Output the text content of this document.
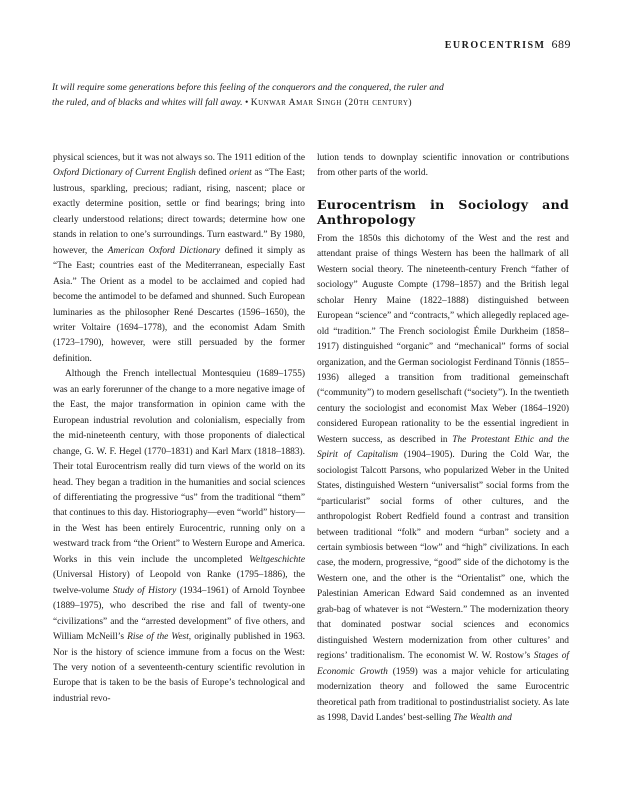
EUROCENTRISM 689
It will require some generations before this feeling of the conquerors and the conquered, the ruler and the ruled, and of blacks and whites will fall away. • Kunwar Amar Singh (20th century)

physical sciences, but it was not always so. The 1911 edition of the Oxford Dictionary of Current English defined orient as “The East; lustrous, sparkling, precious; radiant, rising, nascent; place or exactly determine position, settle or find bearings; bring into clearly understood relations; direct towards; determine how one stands in relation to one’s surroundings. Turn eastward.” By 1980, however, the American Oxford Dictionary defined it simply as “The East; countries east of the Mediterranean, especially East Asia.” The Orient as a model to be acclaimed and copied had become the antimodel to be defamed and shunned. Such European luminaries as the philosopher René Descartes (1596–1650), the writer Voltaire (1694–1778), and the economist Adam Smith (1723–1790), however, were still persuaded by the former definition.

Although the French intellectual Montesquieu (1689–1755) was an early forerunner of the change to a more negative image of the East, the major transformation in opinion came with the European industrial revolution and colonialism, especially from the mid-nineteenth century, with those proponents of dialectical change, G. W. F. Hegel (1770–1831) and Karl Marx (1818–1883). Their total Eurocentrism really did turn views of the world on its head. They began a tradition in the humanities and social sciences of differentiating the progressive “us” from the traditional “them” that continues to this day. Historiography—even “world” history—in the West has been entirely Eurocentric, running only on a westward track from “the Orient” to Western Europe and America. Works in this vein include the uncompleted Weltgeschichte (Universal History) of Leopold von Ranke (1795–1886), the twelve-volume Study of History (1934–1961) of Arnold Toynbee (1889–1975), who described the rise and fall of twenty-one “civilizations” and the “arrested development” of five others, and William McNeill’s Rise of the West, originally published in 1963. Nor is the history of science immune from a focus on the West: The very notion of a seventeenth-century scientific revolution in Europe that is taken to be the basis of Europe’s technological and industrial revo-

lution tends to downplay scientific innovation or contributions from other parts of the world.

Eurocentrism in Sociology and Anthropology

From the 1850s this dichotomy of the West and the rest and attendant praise of things Western has been the hallmark of all Western social theory. The nineteenth-century French “father of sociology” Auguste Compte (1798–1857) and the British legal scholar Henry Maine (1822–1888) distinguished between European “science” and “contracts,” which allegedly replaced age-old “tradition.” The French sociologist Émile Durkheim (1858–1917) distinguished “organic” and “mechanical” forms of social organization, and the German sociologist Ferdinand Tönnis (1855–1936) alleged a transition from traditional gemeinschaft (“community”) to modern gesellschaft (“society”). In the twentieth century the sociologist and economist Max Weber (1864–1920) considered European rationality to be the essential ingredient in Western success, as described in The Protestant Ethic and the Spirit of Capitalism (1904–1905). During the Cold War, the sociologist Talcott Parsons, who popularized Weber in the United States, distinguished Western “universalist” social forms from the “particularist” social forms of other cultures, and the anthropologist Robert Redfield found a contrast and transition between traditional “folk” and modern “urban” society and a certain symbiosis between “low” and “high” civilizations. In each case, the modern, progressive, “good” side of the dichotomy is the Western one, and the other is the “Orientalist” one, which the Palestinian American Edward Said condemned as an invented grab-bag of whatever is not “Western.” The modernization theory that dominated postwar social sciences and economics distinguished Western modernization from other cultures’ and regions’ traditionalism. The economist W. W. Rostow’s Stages of Economic Growth (1959) was a major vehicle for articulating modernization theory and followed the same Eurocentric theoretical path from traditional to postindustrialist society. As late as 1998, David Landes’ best-selling The Wealth and
